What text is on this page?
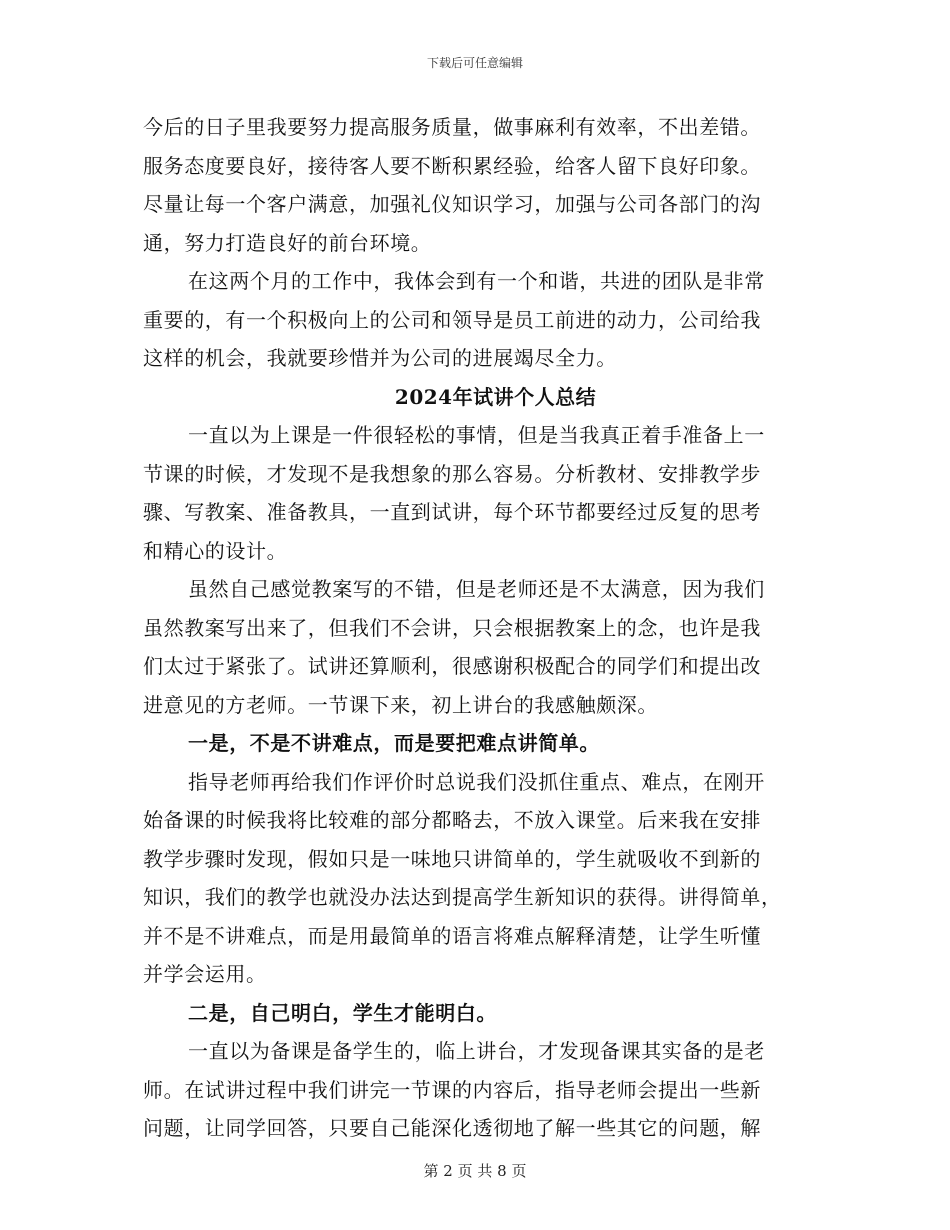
下载后可任意编辑
今后的日子里我要努力提高服务质量，做事麻利有效率，不出差错。
服务态度要良好，接待客人要不断积累经验，给客人留下良好印象。
尽量让每一个客户满意，加强礼仪知识学习，加强与公司各部门的沟
通，努力打造良好的前台环境。
在这两个月的工作中，我体会到有一个和谐，共进的团队是非常
重要的，有一个积极向上的公司和领导是员工前进的动力，公司给我
这样的机会，我就要珍惜并为公司的进展竭尽全力。
2024年试讲个人总结
一直以为上课是一件很轻松的事情，但是当我真正着手准备上一
节课的时候，才发现不是我想象的那么容易。分析教材、安排教学步
骤、写教案、准备教具，一直到试讲，每个环节都要经过反复的思考
和精心的设计。
虽然自己感觉教案写的不错，但是老师还是不太满意，因为我们
虽然教案写出来了，但我们不会讲，只会根据教案上的念，也许是我
们太过于紧张了。试讲还算顺利，很感谢积极配合的同学们和提出改
进意见的方老师。一节课下来，初上讲台的我感触颇深。
一是，不是不讲难点，而是要把难点讲简单。
指导老师再给我们作评价时总说我们没抓住重点、难点，在刚开
始备课的时候我将比较难的部分都略去，不放入课堂。后来我在安排
教学步骤时发现，假如只是一味地只讲简单的，学生就吸收不到新的
知识，我们的教学也就没办法达到提高学生新知识的获得。讲得简单，
并不是不讲难点，而是用最简单的语言将难点解释清楚，让学生听懂
并学会运用。
二是，自己明白，学生才能明白。
一直以为备课是备学生的，临上讲台，才发现备课其实备的是老
师。在试讲过程中我们讲完一节课的内容后，指导老师会提出一些新
问题，让同学回答，只要自己能深化透彻地了解一些其它的问题，解
第 2 页 共 8 页
